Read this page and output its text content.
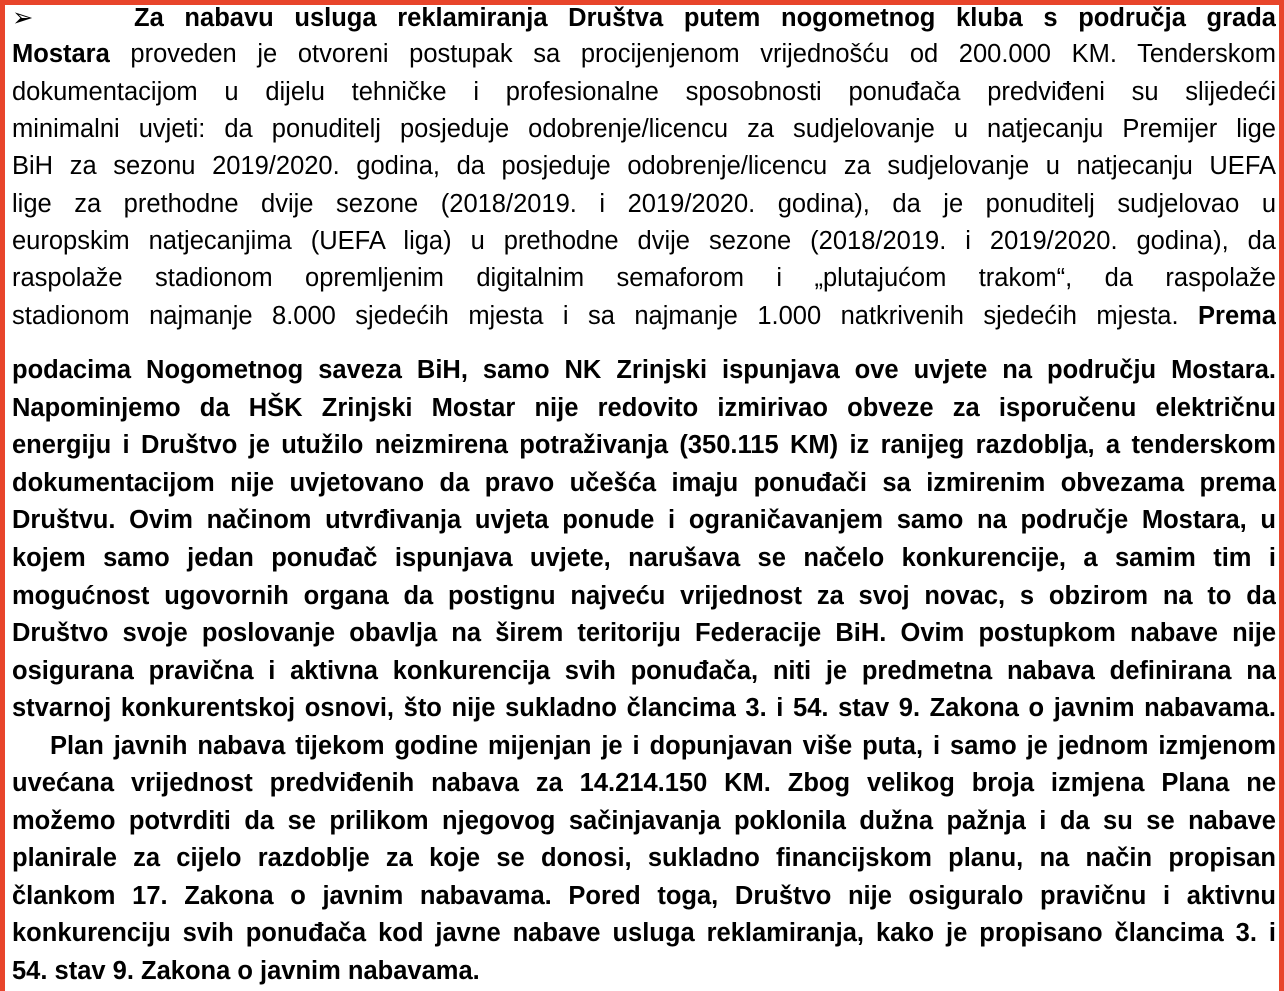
➢	Za nabavu usluga reklamiranja Društva putem nogometnog kluba s područja grada
Mostara proveden je otvoreni postupak sa procijenjenom vrijednošću od 200.000 KM. Tenderskom
dokumentacijom u dijelu tehničke i profesionalne sposobnosti ponuđača predviđeni su slijedeći
minimalni uvjeti: da ponuditelj posjeduje odobrenje/licencu za sudjelovanje u natjecanju Premijer lige
BiH za sezonu 2019/2020. godina, da posjeduje odobrenje/licencu za sudjelovanje u natjecanju UEFA
lige za prethodne dvije sezone (2018/2019. i 2019/2020. godina), da je ponuditelj sudjelovao u
europskim natjecanjima (UEFA liga) u prethodne dvije sezone (2018/2019. i 2019/2020. godina), da
raspolaže stadionom opremljenim digitalnim semaforom i „plutajućom trakom“, da raspolaže
stadionom najmanje 8.000 sjedećih mjesta i sa najmanje 1.000 natkrivenih sjedećih mjesta. Prema
podacima Nogometnog saveza BiH, samo NK Zrinjski ispunjava ove uvjete na području Mostara.
Napominjemo da HŠK Zrinjski Mostar nije redovito izmirivao obveze za isporučenu električnu
energiju i Društvo je utužilo neizmirena potraživanja (350.115 KM) iz ranijeg razdoblja, a tenderskom
dokumentacijom nije uvjetovano da pravo učešća imaju ponuđači sa izmirenim obvezama prema
Društvu. Ovim načinom utvrđivanja uvjeta ponude i ograničavanjem samo na područje Mostara, u
kojem samo jedan ponuđač ispunjava uvjete, narušava se načelo konkurencije, a samim tim i
mogućnost ugovornih organa da postignu najveću vrijednost za svoj novac, s obzirom na to da
Društvo svoje poslovanje obavlja na širem teritoriju Federacije BiH. Ovim postupkom nabave nije
osigurana pravična i aktivna konkurencija svih ponuđača, niti je predmetna nabava definirana na
stvarnoj konkurentskoj osnovi, što nije sukladno člancima 3. i 54. stav 9. Zakona o javnim nabavama.
Plan javnih nabava tijekom godine mijenjan je i dopunjavan više puta, i samo je jednom izmjenom
uvećana vrijednost predviđenih nabava za 14.214.150 KM. Zbog velikog broja izmjena Plana ne
možemo potvrditi da se prilikom njegovog sačinjavanja poklonila dužna pažnja i da su se nabave
planirale za cijelo razdoblje za koje se donosi, sukladno financijskom planu, na način propisan
člankom 17. Zakona o javnim nabavama. Pored toga, Društvo nije osiguralo pravičnu i aktivnu
konkurenciju svih ponuđača kod javne nabave usluga reklamiranja, kako je propisano člancima 3. i
54. stav 9. Zakona o javnim nabavama.
